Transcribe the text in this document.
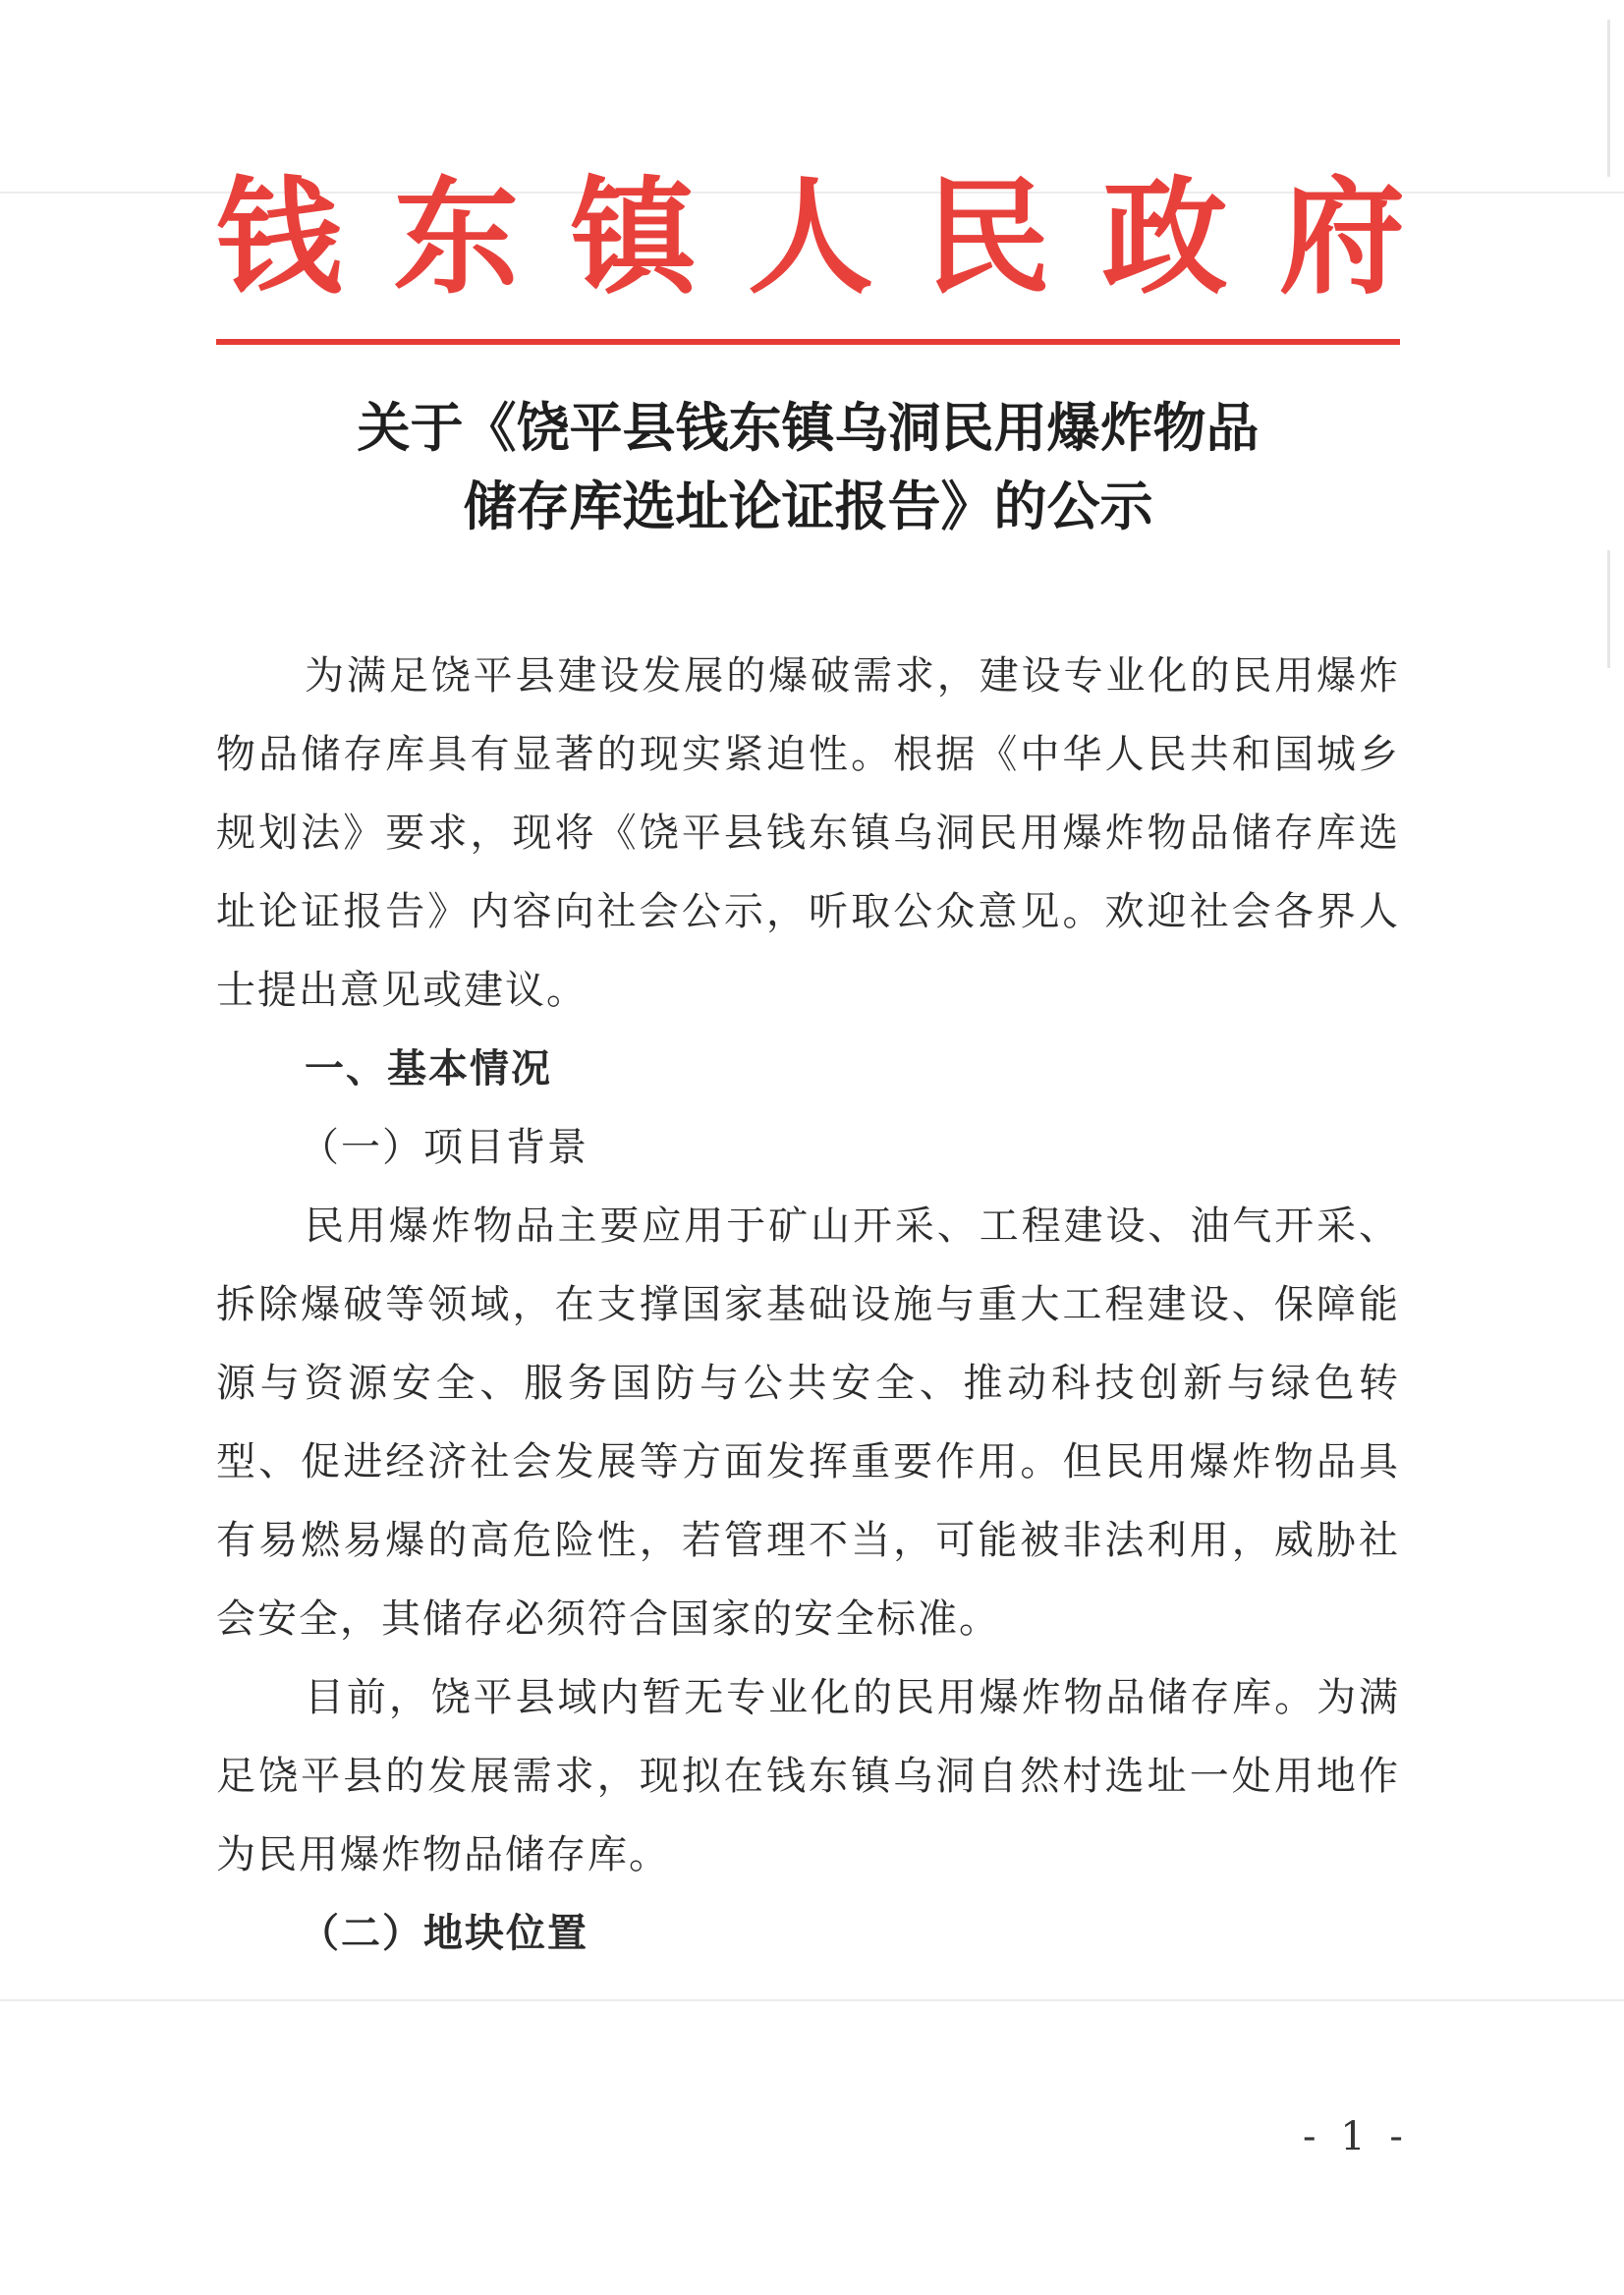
钱 东 镇 人 民 政 府
关于《饶平县钱东镇乌洞民用爆炸物品
储存库选址论证报告》的公示

为满足饶平县建设发展的爆破需求，建设专业化的民用爆炸物品储存库具有显著的现实紧迫性。根据《中华人民共和国城乡规划法》要求，现将《饶平县钱东镇乌洞民用爆炸物品储存库选址论证报告》内容向社会公示，听取公众意见。欢迎社会各界人士提出意见或建议。

一、基本情况

（一）项目背景

民用爆炸物品主要应用于矿山开采、工程建设、油气开采、拆除爆破等领域，在支撑国家基础设施与重大工程建设、保障能源与资源安全、服务国防与公共安全、推动科技创新与绿色转型、促进经济社会发展等方面发挥重要作用。但民用爆炸物品具有易燃易爆的高危险性，若管理不当，可能被非法利用，威胁社会安全，其储存必须符合国家的安全标准。

目前，饶平县域内暂无专业化的民用爆炸物品储存库。为满足饶平县的发展需求，现拟在钱东镇乌洞自然村选址一处用地作为民用爆炸物品储存库。

（二）地块位置

- 1 -
